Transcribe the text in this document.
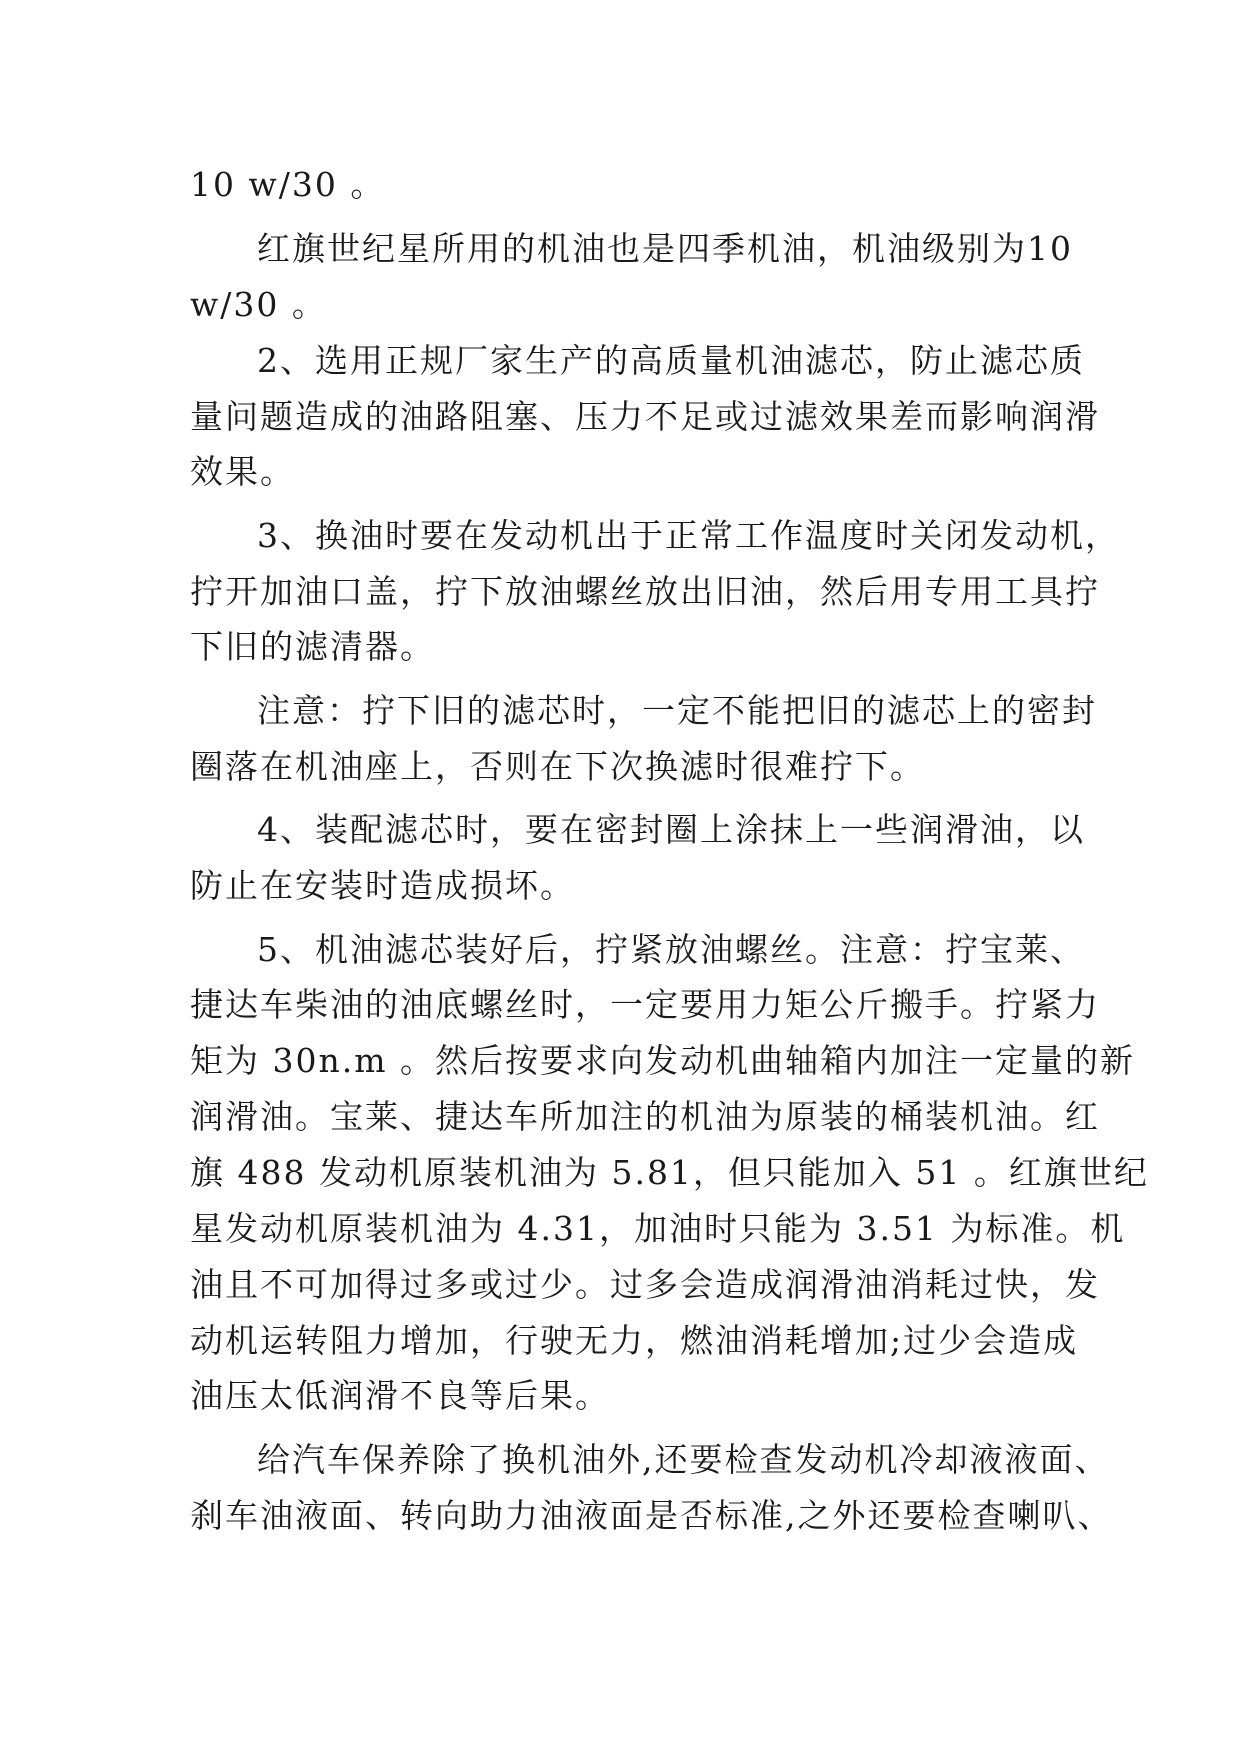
10 w/30 。
红旗世纪星所用的机油也是四季机油，机油级别为10
w/30 。
2、选用正规厂家生产的高质量机油滤芯，防止滤芯质
量问题造成的油路阻塞、压力不足或过滤效果差而影响润滑
效果。
3、换油时要在发动机出于正常工作温度时关闭发动机，
拧开加油口盖，拧下放油螺丝放出旧油，然后用专用工具拧
下旧的滤清器。
注意：拧下旧的滤芯时，一定不能把旧的滤芯上的密封
圈落在机油座上，否则在下次换滤时很难拧下。
4、装配滤芯时，要在密封圈上涂抹上一些润滑油，以
防止在安装时造成损坏。
5、机油滤芯装好后，拧紧放油螺丝。注意：拧宝莱、
捷达车柴油的油底螺丝时，一定要用力矩公斤搬手。拧紧力
矩为 30n.m 。然后按要求向发动机曲轴箱内加注一定量的新
润滑油。宝莱、捷达车所加注的机油为原装的桶装机油。红
旗 488 发动机原装机油为 5.81，但只能加入 51 。红旗世纪
星发动机原装机油为 4.31，加油时只能为 3.51 为标准。机
油且不可加得过多或过少。过多会造成润滑油消耗过快，发
动机运转阻力增加，行驶无力，燃油消耗增加;过少会造成
油压太低润滑不良等后果。
给汽车保养除了换机油外,还要检查发动机冷却液液面、
刹车油液面、转向助力油液面是否标准,之外还要检查喇叭、
